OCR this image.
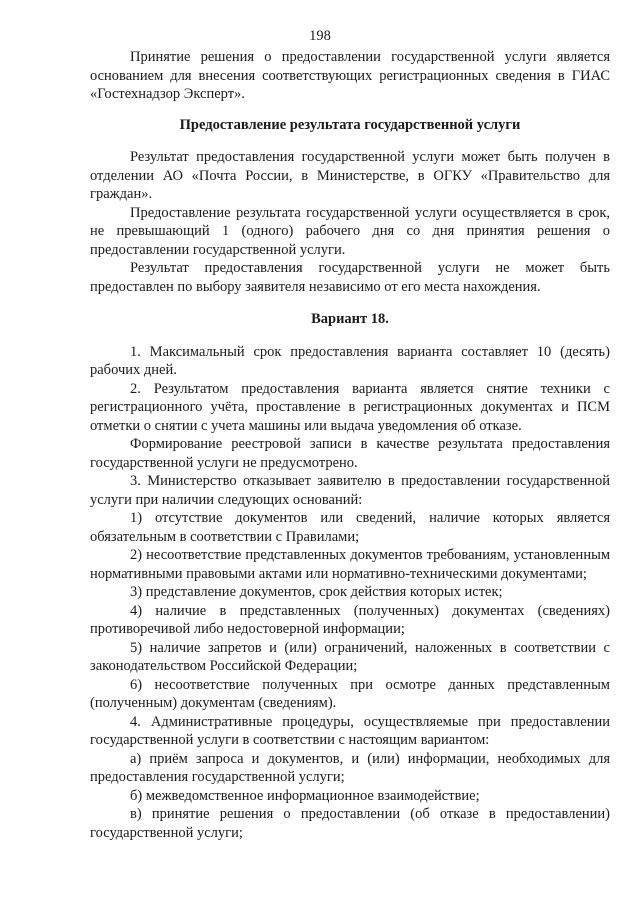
198

Принятие решения о предоставлении государственной услуги является основанием для внесения соответствующих регистрационных сведения в ГИАС «Гостехнадзор Эксперт».

Предоставление результата государственной услуги

Результат предоставления государственной услуги может быть получен в отделении АО «Почта России, в Министерстве, в ОГКУ «Правительство для граждан».

Предоставление результата государственной услуги осуществляется в срок, не превышающий 1 (одного) рабочего дня со дня принятия решения о предоставлении государственной услуги.

Результат предоставления государственной услуги не может быть предоставлен по выбору заявителя независимо от его места нахождения.

Вариант 18.

1. Максимальный срок предоставления варианта составляет 10 (десять) рабочих дней.

2. Результатом предоставления варианта является снятие техники с регистрационного учёта, проставление в регистрационных документах и ПСМ отметки о снятии с учета машины или выдача уведомления об отказе.

Формирование реестровой записи в качестве результата предоставления государственной услуги не предусмотрено.

3. Министерство отказывает заявителю в предоставлении государственной услуги при наличии следующих оснований:

1) отсутствие документов или сведений, наличие которых является обязательным в соответствии с Правилами;

2) несоответствие представленных документов требованиям, установленным нормативными правовыми актами или нормативно-техническими документами;

3) представление документов, срок действия которых истек;

4) наличие в представленных (полученных) документах (сведениях) противоречивой либо недостоверной информации;

5) наличие запретов и (или) ограничений, наложенных в соответствии с законодательством Российской Федерации;

6) несоответствие полученных при осмотре данных представленным (полученным) документам (сведениям).

4. Административные процедуры, осуществляемые при предоставлении государственной услуги в соответствии с настоящим вариантом:

а) приём запроса и документов, и (или) информации, необходимых для предоставления государственной услуги;

б) межведомственное информационное взаимодействие;

в) принятие решения о предоставлении (об отказе в предоставлении) государственной услуги;
